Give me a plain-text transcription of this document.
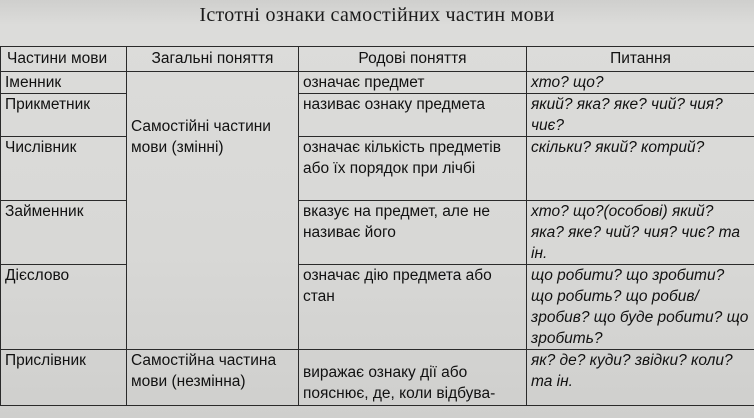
Істотні ознаки самостійних частин мови
Частини мови	Загальні поняття	Родові поняття	Питання
Іменник	Самостійні частини мови (змінні)	означає предмет	хто? що?
Прикметник		називає ознаку предмета	який? яка? яке? чий? чия? чиє?
Числівник		означає кількість предметів або їх порядок при лічбі	скільки? який? котрий?
Займенник		вказує на предмет, але не називає його	хто? що?(особові) який? яка? яке? чий? чия? чиє? та ін.
Дієслово		означає дію предмета або стан	що робити? що зробити? що робить? що робив/зробив? що буде робити? що зробить?
Прислівник	Самостійна частина мови (незмінна)	виражає ознаку дії або пояснює, де, коли відбува-	як? де? куди? звідки? коли? та ін.
